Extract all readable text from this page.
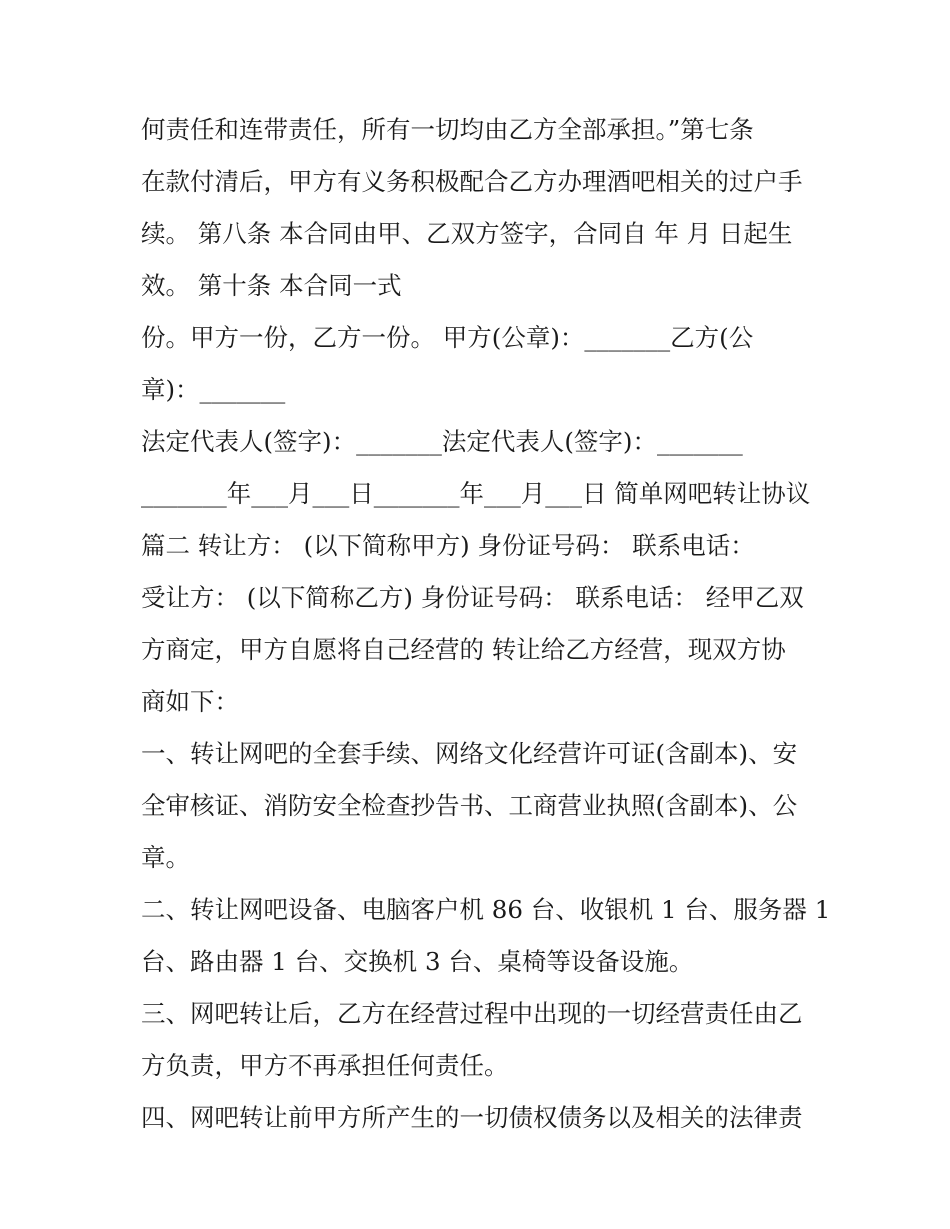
何责任和连带责任，所有一切均由乙方全部承担。”第七条
在款付清后，甲方有义务积极配合乙方办理酒吧相关的过户手
续。 第八条 本合同由甲、乙双方签字，合同自 年 月 日起生
效。 第十条 本合同一式
份。甲方一份，乙方一份。 甲方(公章)：_______乙方(公
章)：_______
法定代表人(签字)：_______法定代表人(签字)：_______
_______年___月___日_______年___月___日 简单网吧转让协议
篇二 转让方： (以下简称甲方) 身份证号码： 联系电话：
受让方： (以下简称乙方) 身份证号码： 联系电话： 经甲乙双
方商定，甲方自愿将自己经营的 转让给乙方经营，现双方协
商如下：
一、转让网吧的全套手续、网络文化经营许可证(含副本)、安
全审核证、消防安全检查抄告书、工商营业执照(含副本)、公
章。
二、转让网吧设备、电脑客户机 86 台、收银机 1 台、服务器 1
台、路由器 1 台、交换机 3 台、桌椅等设备设施。
三、网吧转让后，乙方在经营过程中出现的一切经营责任由乙
方负责，甲方不再承担任何责任。
四、网吧转让前甲方所产生的一切债权债务以及相关的法律责
